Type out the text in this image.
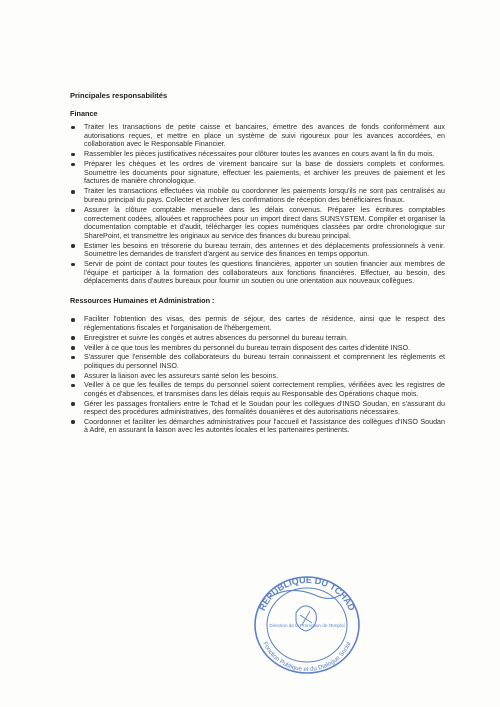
Principales responsabilités
Finance
Traiter les transactions de petite caisse et bancaires, émettre des avances de fonds conformément aux autorisations reçues, et mettre en place un système de suivi rigoureux pour les avances accordées, en collaboration avec le Responsable Financier.
Rassembler les pièces justificatives nécessaires pour clôturer toutes les avances en cours avant la fin du mois.
Préparer les chèques et les ordres de virement bancaire sur la base de dossiers complets et conformes. Soumettre les documents pour signature, effectuer les paiements, et archiver les preuves de paiement et les factures de manière chronologique.
Traiter les transactions effectuées via mobile ou coordonner les paiements lorsqu'ils ne sont pas centralisés au bureau principal du pays. Collecter et archiver les confirmations de réception des bénéficiaires finaux.
Assurer la clôture comptable mensuelle dans les délais convenus. Préparer les écritures comptables correctement codées, allouées et rapprochées pour un import direct dans SUNSYSTEM. Compiler et organiser la documentation comptable et d'audit, télécharger les copies numériques classées par ordre chronologique sur SharePoint, et transmettre les originaux au service des finances du bureau principal.
Estimer les besoins en trésorerie du bureau terrain, des antennes et des déplacements professionnels à venir. Soumettre les demandes de transfert d'argent au service des finances en temps opportun.
Servir de point de contact pour toutes les questions financières, apporter un soutien financier aux membres de l'équipe et participer à la formation des collaborateurs aux fonctions financières. Effectuer, au besoin, des déplacements dans d'autres bureaux pour fournir un soutien ou une orientation aux nouveaux collègues.
Ressources Humaines et Administration :
Faciliter l'obtention des visas, des permis de séjour, des cartes de résidence, ainsi que le respect des réglementations fiscales et l'organisation de l'hébergement.
Enregistrer et suivre les congés et autres absences du personnel du bureau terrain.
Veiller à ce que tous les membres du personnel du bureau terrain disposent des cartes d'identité INSO.
S'assurer que l'ensemble des collaborateurs du bureau terrain connaissent et comprennent les règlements et politiques du personnel INSO.
Assurer la liaison avec les assureurs santé selon les besoins.
Veiller à ce que les feuilles de temps du personnel soient correctement remplies, vérifiées avec les registres de congés et d'absences, et transmises dans les délais requis au Responsable des Opérations chaque mois.
Gérer les passages frontaliers entre le Tchad et le Soudan pour les collègues d'INSO Soudan, en s'assurant du respect des procédures administratives, des formalités douanières et des autorisations nécessaires.
Coordonner et faciliter les démarches administratives pour l'accueil et l'assistance des collègues d'INSO Soudan à Adré, en assurant la liaison avec les autorités locales et les partenaires pertinents.
REPUBLIQUE DU TCHAD
Fonction Publique et du Dialogue Social
Direction de la Promotion de l'Emploi
